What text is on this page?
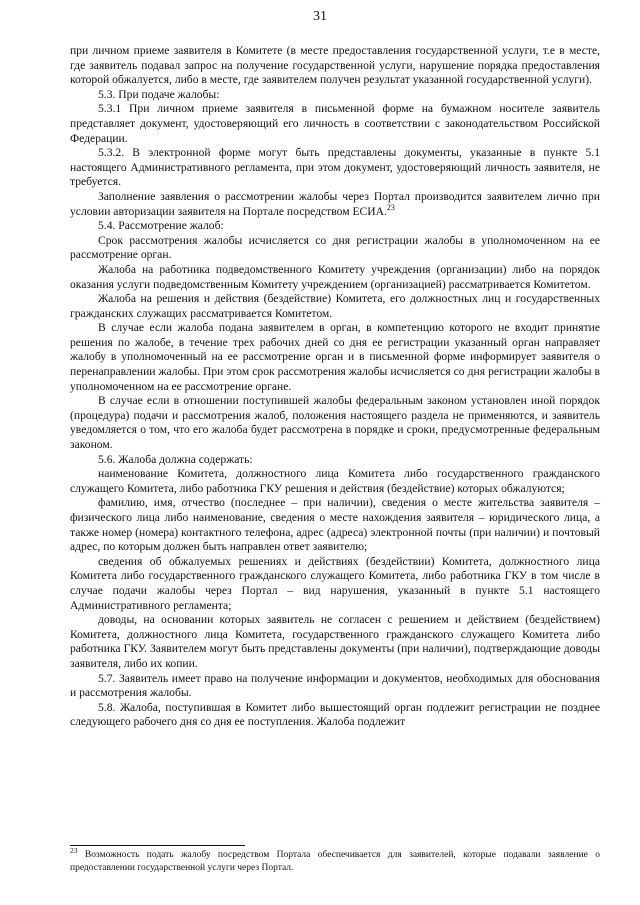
31

при личном приеме заявителя в Комитете (в месте предоставления государственной услуги, т.е в месте, где заявитель подавал запрос на получение государственной услуги, нарушение порядка предоставления которой обжалуется, либо в месте, где заявителем получен результат указанной государственной услуги).

5.3. При подаче жалобы:

5.3.1 При личном приеме заявителя в письменной форме на бумажном носителе заявитель представляет документ, удостоверяющий его личность в соответствии с законодательством Российской Федерации.

5.3.2. В электронной форме могут быть представлены документы, указанные в пункте 5.1 настоящего Административного регламента, при этом документ, удостоверяющий личность заявителя, не требуется.

Заполнение заявления о рассмотрении жалобы через Портал производится заявителем лично при условии авторизации заявителя на Портале посредством ЕСИА.$^{23}$

5.4. Рассмотрение жалоб:

Срок рассмотрения жалобы исчисляется со дня регистрации жалобы в уполномоченном на ее рассмотрение орган.

Жалоба на работника подведомственного Комитету учреждения (организации) либо на порядок оказания услуги подведомственным Комитету учреждением (организацией) рассматривается Комитетом.

Жалоба на решения и действия (бездействие) Комитета, его должностных лиц и государственных гражданских служащих рассматривается Комитетом.

В случае если жалоба подана заявителем в орган, в компетенцию которого не входит принятие решения по жалобе, в течение трех рабочих дней со дня ее регистрации указанный орган направляет жалобу в уполномоченный на ее рассмотрение орган и в письменной форме информирует заявителя о перенаправлении жалобы. При этом срок рассмотрения жалобы исчисляется со дня регистрации жалобы в уполномоченном на ее рассмотрение органе.

В случае если в отношении поступившей жалобы федеральным законом установлен иной порядок (процедура) подачи и рассмотрения жалоб, положения настоящего раздела не применяются, и заявитель уведомляется о том, что его жалоба будет рассмотрена в порядке и сроки, предусмотренные федеральным законом.

5.6. Жалоба должна содержать:

наименование Комитета, должностного лица Комитета либо государственного гражданского служащего Комитета, либо работника ГКУ решения и действия (бездействие) которых обжалуются;

фамилию, имя, отчество (последнее – при наличии), сведения о месте жительства заявителя – физического лица либо наименование, сведения о месте нахождения заявителя – юридического лица, а также номер (номера) контактного телефона, адрес (адреса) электронной почты (при наличии) и почтовый адрес, по которым должен быть направлен ответ заявителю;

сведения об обжалуемых решениях и действиях (бездействии) Комитета, должностного лица Комитета либо государственного гражданского служащего Комитета, либо работника ГКУ в том числе в случае подачи жалобы через Портал – вид нарушения, указанный в пункте 5.1 настоящего Административного регламента;

доводы, на основании которых заявитель не согласен с решением и действием (бездействием) Комитета, должностного лица Комитета, государственного гражданского служащего Комитета либо работника ГКУ. Заявителем могут быть представлены документы (при наличии), подтверждающие доводы заявителя, либо их копии.

5.7. Заявитель имеет право на получение информации и документов, необходимых для обоснования и рассмотрения жалобы.

5.8. Жалоба, поступившая в Комитет либо вышестоящий орган подлежит регистрации не позднее следующего рабочего дня со дня ее поступления. Жалоба подлежит

$^{23}$ Возможность подать жалобу посредством Портала обеспечивается для заявителей, которые подавали заявление о предоставлении государственной услуги через Портал.
